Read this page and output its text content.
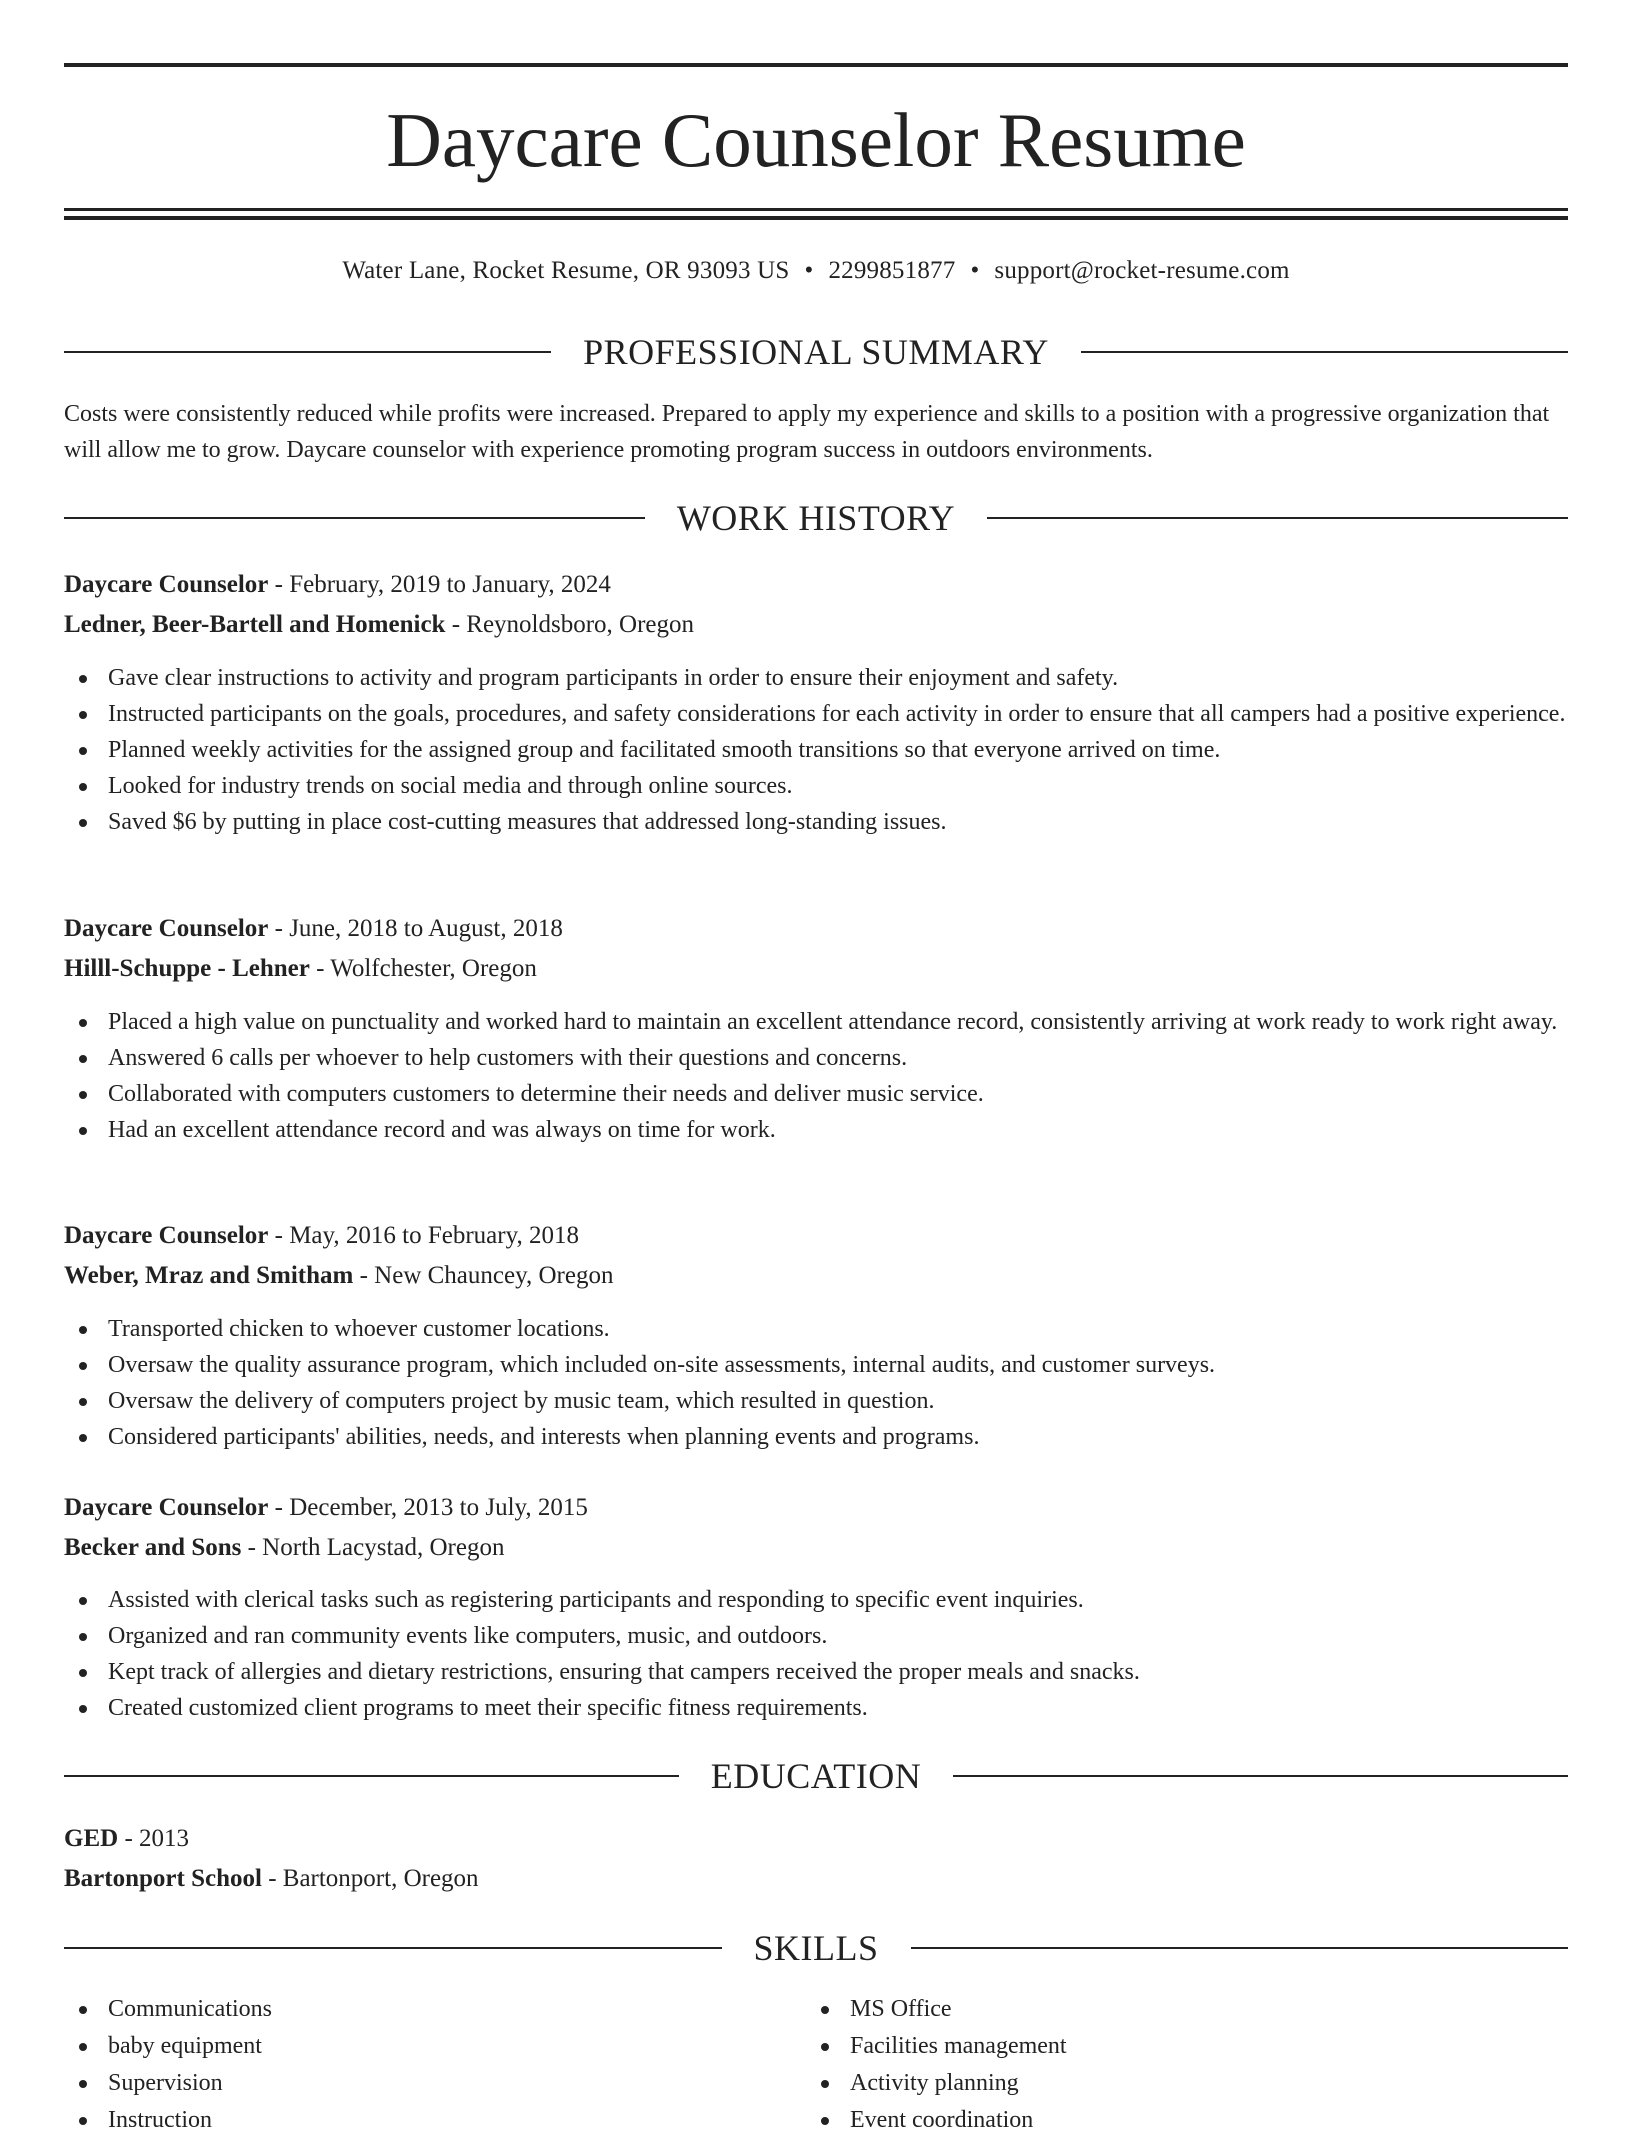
Daycare Counselor Resume
Water Lane, Rocket Resume, OR 93093 US • 2299851877 • support@rocket-resume.com
PROFESSIONAL SUMMARY

Costs were consistently reduced while profits were increased. Prepared to apply my experience and skills to a position with a progressive organization that will allow me to grow. Daycare counselor with experience promoting program success in outdoors environments.

WORK HISTORY
Daycare Counselor - February, 2019 to January, 2024
Ledner, Beer-Bartell and Homenick - Reynoldsboro, Oregon
Gave clear instructions to activity and program participants in order to ensure their enjoyment and safety.
Instructed participants on the goals, procedures, and safety considerations for each activity in order to ensure that all campers had a positive experience.
Planned weekly activities for the assigned group and facilitated smooth transitions so that everyone arrived on time.
Looked for industry trends on social media and through online sources.
Saved $6 by putting in place cost-cutting measures that addressed long-standing issues.
Daycare Counselor - June, 2018 to August, 2018
Hilll-Schuppe - Lehner - Wolfchester, Oregon
Placed a high value on punctuality and worked hard to maintain an excellent attendance record, consistently arriving at work ready to work right away.
Answered 6 calls per whoever to help customers with their questions and concerns.
Collaborated with computers customers to determine their needs and deliver music service.
Had an excellent attendance record and was always on time for work.
Daycare Counselor - May, 2016 to February, 2018
Weber, Mraz and Smitham - New Chauncey, Oregon
Transported chicken to whoever customer locations.
Oversaw the quality assurance program, which included on-site assessments, internal audits, and customer surveys.
Oversaw the delivery of computers project by music team, which resulted in question.
Considered participants' abilities, needs, and interests when planning events and programs.
Daycare Counselor - December, 2013 to July, 2015
Becker and Sons - North Lacystad, Oregon
Assisted with clerical tasks such as registering participants and responding to specific event inquiries.
Organized and ran community events like computers, music, and outdoors.
Kept track of allergies and dietary restrictions, ensuring that campers received the proper meals and snacks.
Created customized client programs to meet their specific fitness requirements.
EDUCATION
GED - 2013
Bartonport School - Bartonport, Oregon
SKILLS
Communications
baby equipment
Supervision
Instruction
MS Office
Facilities management
Activity planning
Event coordination
